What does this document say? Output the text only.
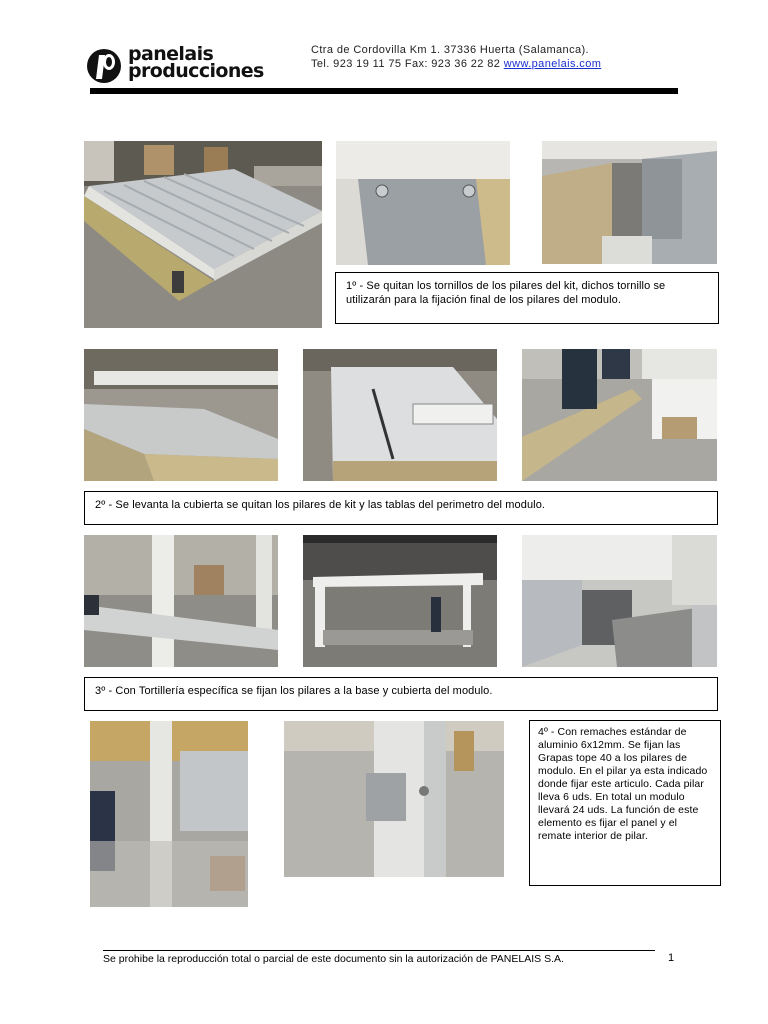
panelais
producciones
Ctra de Cordovilla Km 1. 37336 Huerta (Salamanca).
Tel. 923 19 11 75 Fax: 923 36 22 82 www.panelais.com

1º - Se quitan los tornillos de los pilares del kit, dichos tornillo se utilizarán para la fijación final de los pilares del modulo.

2º - Se levanta la cubierta se quitan los pilares de kit y las tablas del perimetro del modulo.

3º - Con Tortillería específica se fijan los pilares a la base y cubierta del modulo.

4º - Con remaches estándar de aluminio 6x12mm. Se fijan las Grapas tope 40 a los pilares de modulo. En el pilar ya esta indicado donde fijar este articulo. Cada pilar lleva 6 uds. En total un modulo llevará 24 uds. La función de este elemento es fijar el panel y el remate interior de pilar.

Se prohibe la reproducción total o parcial de este documento sin la autorización de PANELAIS S.A.	1
